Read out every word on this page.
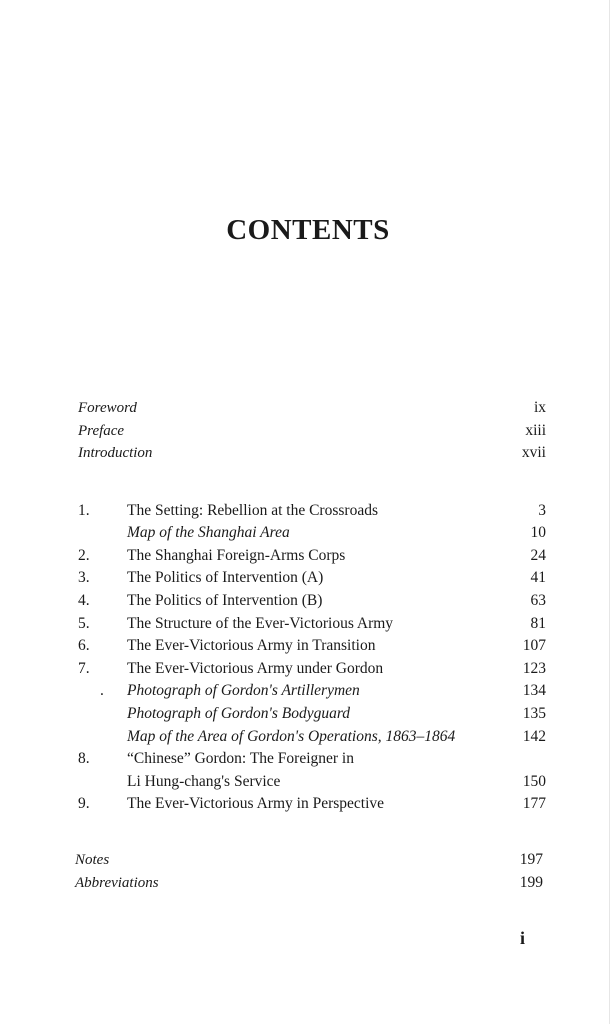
CONTENTS
Foreword	ix
Preface	xiii
Introduction	xvii
1. The Setting: Rebellion at the Crossroads	3
Map of the Shanghai Area	10
2. The Shanghai Foreign-Arms Corps	24
3. The Politics of Intervention (A)	41
4. The Politics of Intervention (B)	63
5. The Structure of the Ever-Victorious Army	81
6. The Ever-Victorious Army in Transition	107
7. The Ever-Victorious Army under Gordon	123
. Photograph of Gordon's Artillerymen	134
Photograph of Gordon's Bodyguard	135
Map of the Area of Gordon's Operations, 1863–1864	142
8. “Chinese” Gordon: The Foreigner in
Li Hung-chang's Service	150
9. The Ever-Victorious Army in Perspective	177
Notes	197
Abbreviations	199
i
